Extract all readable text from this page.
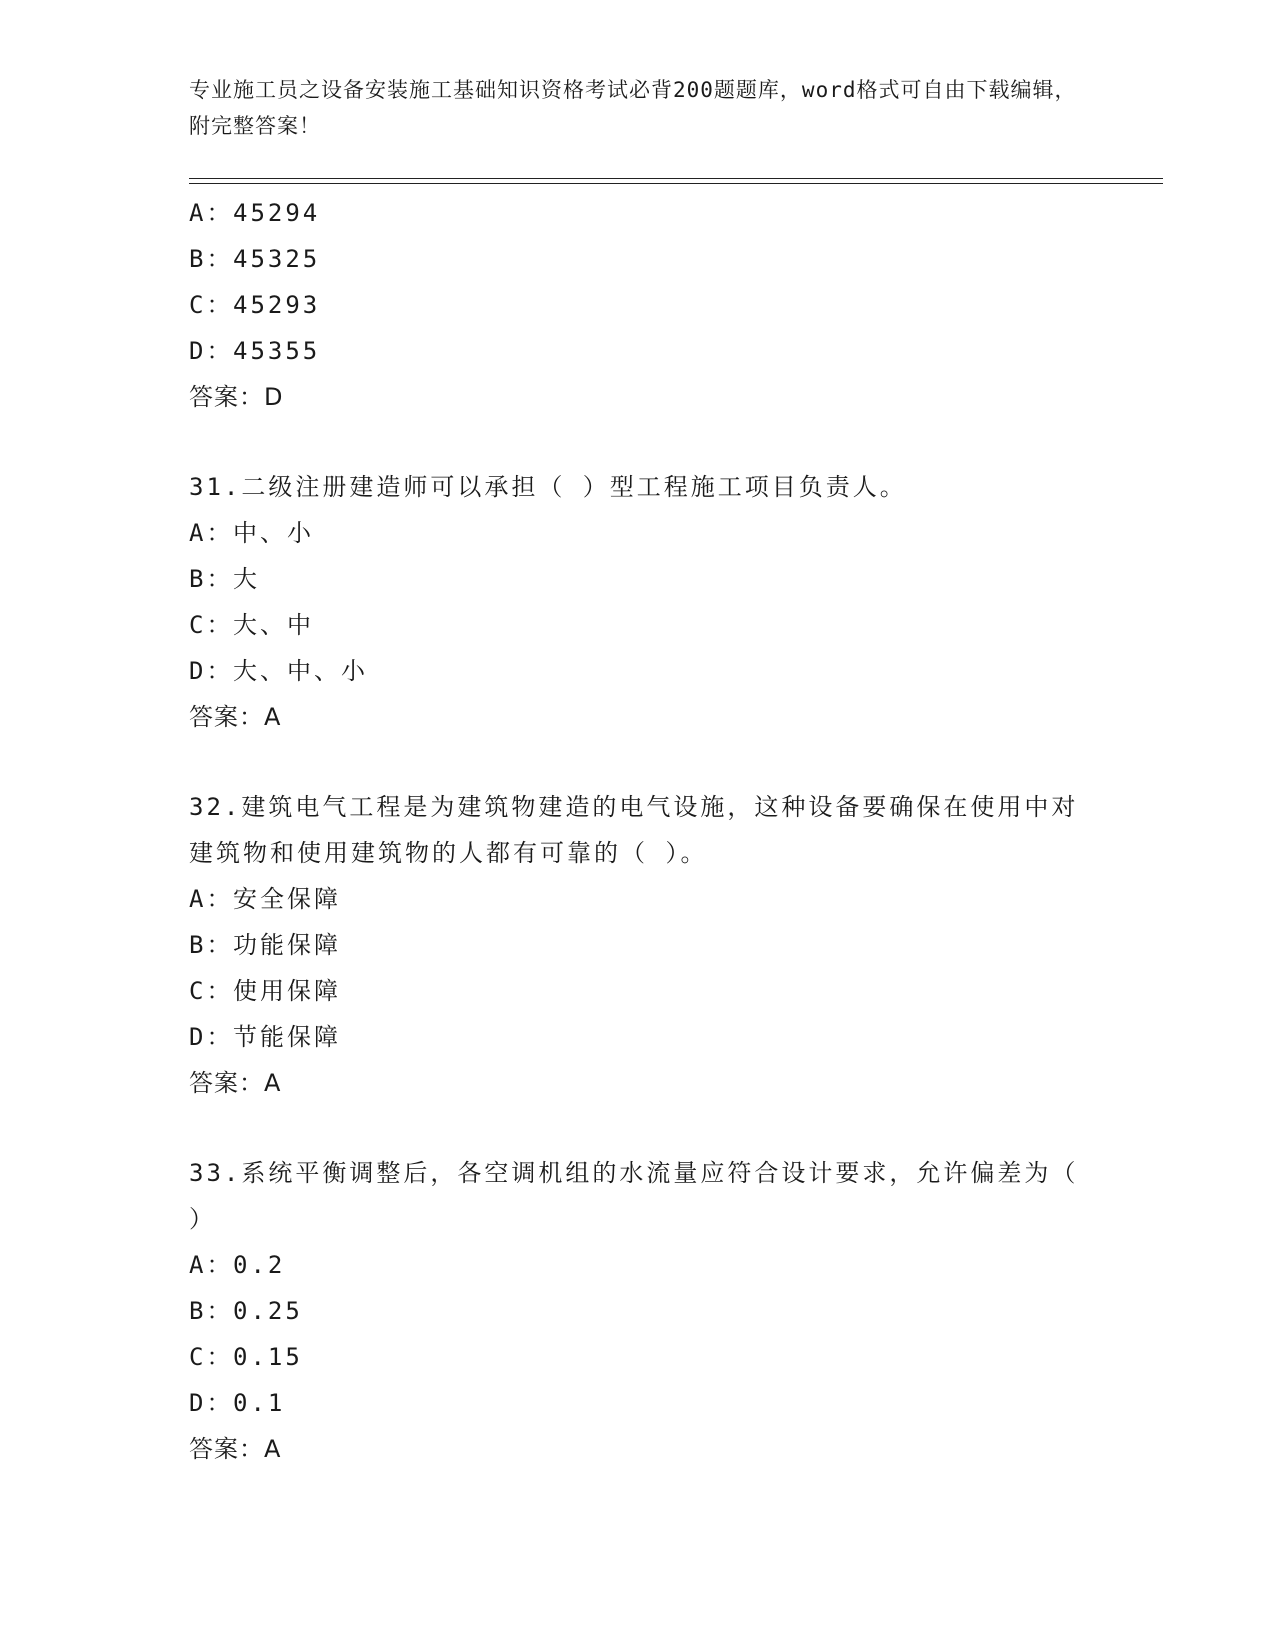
专业施工员之设备安装施工基础知识资格考试必背200题题库，word格式可自由下载编辑，附完整答案！
A：45294
B：45325
C：45293
D：45355
答案：D
31.二级注册建造师可以承担（ ）型工程施工项目负责人。
A：中、小
B：大
C：大、中
D：大、中、小
答案：A
32.建筑电气工程是为建筑物建造的电气设施，这种设备要确保在使用中对建筑物和使用建筑物的人都有可靠的（ ）。
A：安全保障
B：功能保障
C：使用保障
D：节能保障
答案：A
33.系统平衡调整后，各空调机组的水流量应符合设计要求，允许偏差为（ ）
A：0.2
B：0.25
C：0.15
D：0.1
答案：A
